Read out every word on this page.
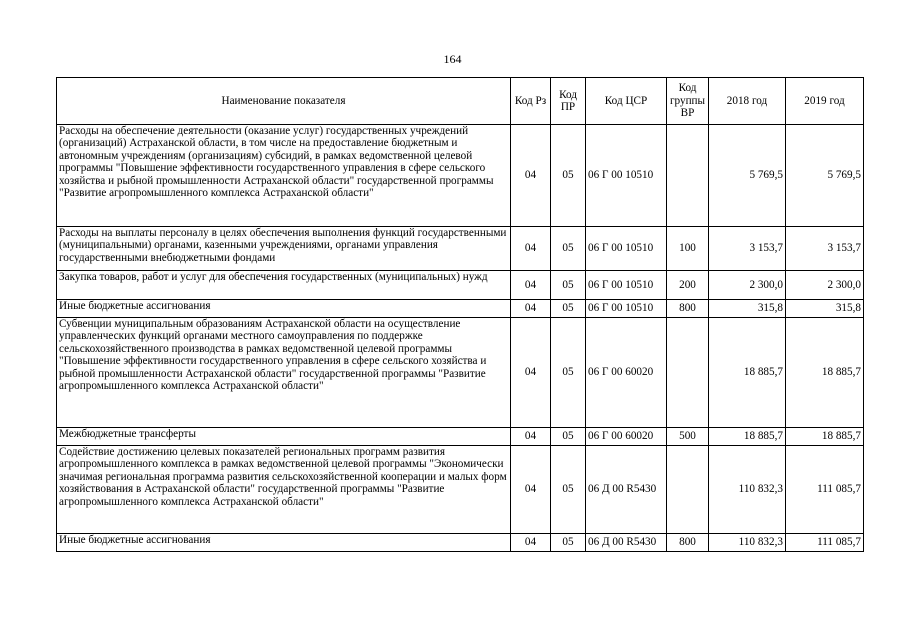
164
Наименование показателя	Код Рз	Код ПР	Код ЦСР	Код группы ВР	2018 год	2019 год
Расходы на обеспечение деятельности (оказание услуг) государственных учреждений (организаций) Астраханской области, в том числе на предоставление бюджетным и автономным учреждениям (организациям) субсидий, в рамках ведомственной целевой программы "Повышение эффективности государственного управления в сфере сельского хозяйства и рыбной промышленности Астраханской области" государственной программы "Развитие агропромышленного комплекса Астраханской области"	04	05	06 Г 00 10510		5 769,5	5 769,5
Расходы на выплаты персоналу в целях обеспечения выполнения функций государственными (муниципальными) органами, казенными учреждениями, органами управления государственными внебюджетными фондами	04	05	06 Г 00 10510	100	3 153,7	3 153,7
Закупка товаров, работ и услуг для обеспечения государственных (муниципальных) нужд	04	05	06 Г 00 10510	200	2 300,0	2 300,0
Иные бюджетные ассигнования	04	05	06 Г 00 10510	800	315,8	315,8
Субвенции муниципальным образованиям Астраханской области на осуществление управленческих функций органами местного самоуправления по поддержке сельскохозяйственного производства в рамках ведомственной целевой программы "Повышение эффективности государственного управления в сфере сельского хозяйства и рыбной промышленности Астраханской области" государственной программы "Развитие агропромышленного комплекса Астраханской области"	04	05	06 Г 00 60020		18 885,7	18 885,7
Межбюджетные трансферты	04	05	06 Г 00 60020	500	18 885,7	18 885,7
Содействие достижению целевых показателей региональных программ развития агропромышленного комплекса в рамках ведомственной целевой программы "Экономически значимая региональная программа развития сельскохозяйственной кооперации и малых форм хозяйствования в Астраханской области" государственной программы "Развитие агропромышленного комплекса Астраханской области"	04	05	06 Д 00 R5430		110 832,3	111 085,7
Иные бюджетные ассигнования	04	05	06 Д 00 R5430	800	110 832,3	111 085,7
